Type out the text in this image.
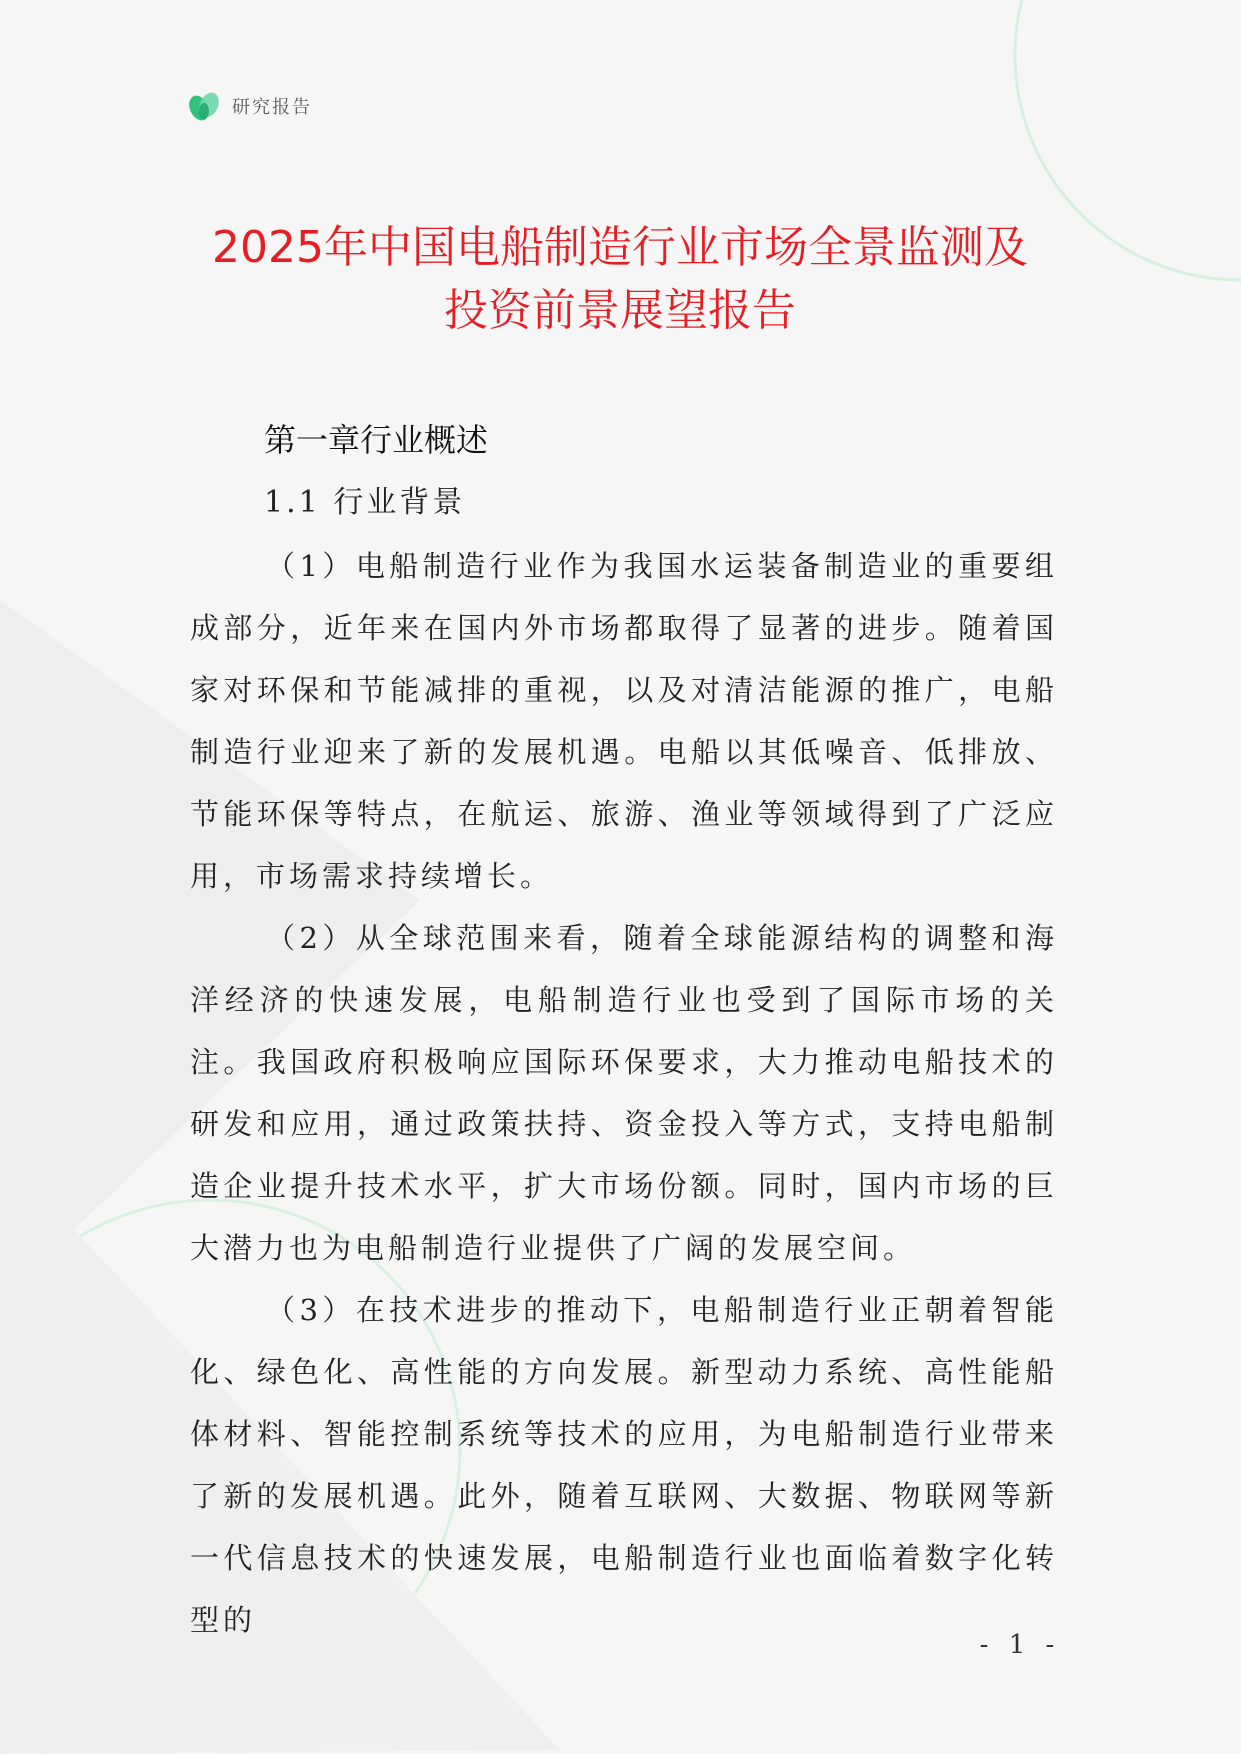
研究报告
2025年中国电船制造行业市场全景监测及
投资前景展望报告
第一章行业概述
1.1 行业背景

（1）电船制造行业作为我国水运装备制造业的重要组成部分，近年来在国内外市场都取得了显著的进步。随着国家对环保和节能减排的重视，以及对清洁能源的推广，电船制造行业迎来了新的发展机遇。电船以其低噪音、低排放、节能环保等特点，在航运、旅游、渔业等领域得到了广泛应用，市场需求持续增长。

（2）从全球范围来看，随着全球能源结构的调整和海洋经济的快速发展，电船制造行业也受到了国际市场的关注。我国政府积极响应国际环保要求，大力推动电船技术的研发和应用，通过政策扶持、资金投入等方式，支持电船制造企业提升技术水平，扩大市场份额。同时，国内市场的巨大潜力也为电船制造行业提供了广阔的发展空间。

（3）在技术进步的推动下，电船制造行业正朝着智能化、绿色化、高性能的方向发展。新型动力系统、高性能船体材料、智能控制系统等技术的应用，为电船制造行业带来了新的发展机遇。此外，随着互联网、大数据、物联网等新一代信息技术的快速发展，电船制造行业也面临着数字化转型的

- 1 -
